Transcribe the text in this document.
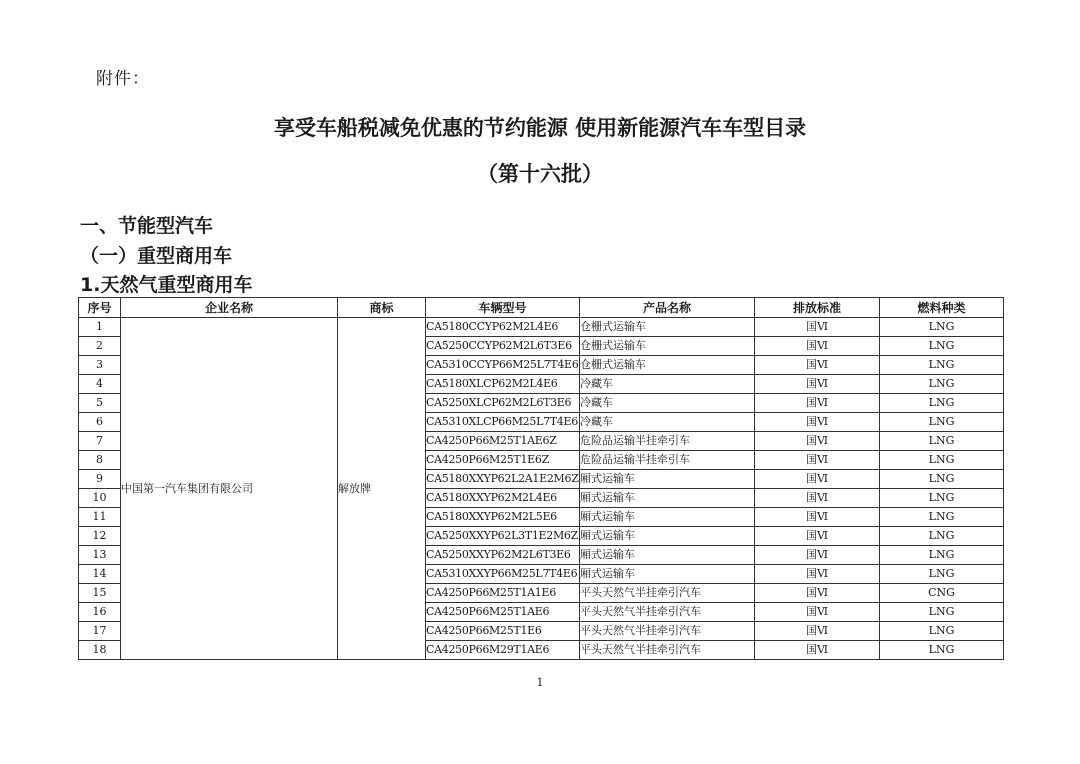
附件：
享受车船税减免优惠的节约能源 使用新能源汽车车型目录
（第十六批）
一、节能型汽车
（一）重型商用车
1.天然气重型商用车
序号	企业名称	商标	车辆型号	产品名称	排放标准	燃料种类
1	中国第一汽车集团有限公司	解放牌	CA5180CCYP62M2L4E6	仓栅式运输车	国Ⅵ	LNG
2			CA5250CCYP62M2L6T3E6	仓栅式运输车	国Ⅵ	LNG
3			CA5310CCYP66M25L7T4E6	仓栅式运输车	国Ⅵ	LNG
4			CA5180XLCP62M2L4E6	冷藏车	国Ⅵ	LNG
5			CA5250XLCP62M2L6T3E6	冷藏车	国Ⅵ	LNG
6			CA5310XLCP66M25L7T4E6	冷藏车	国Ⅵ	LNG
7			CA4250P66M25T1AE6Z	危险品运输半挂牵引车	国Ⅵ	LNG
8			CA4250P66M25T1E6Z	危险品运输半挂牵引车	国Ⅵ	LNG
9			CA5180XXYP62L2A1E2M6Z	厢式运输车	国Ⅵ	LNG
10			CA5180XXYP62M2L4E6	厢式运输车	国Ⅵ	LNG
11			CA5180XXYP62M2L5E6	厢式运输车	国Ⅵ	LNG
12			CA5250XXYP62L3T1E2M6Z	厢式运输车	国Ⅵ	LNG
13			CA5250XXYP62M2L6T3E6	厢式运输车	国Ⅵ	LNG
14			CA5310XXYP66M25L7T4E6	厢式运输车	国Ⅵ	LNG
15			CA4250P66M25T1A1E6	平头天然气半挂牵引汽车	国Ⅵ	CNG
16			CA4250P66M25T1AE6	平头天然气半挂牵引汽车	国Ⅵ	LNG
17			CA4250P66M25T1E6	平头天然气半挂牵引汽车	国Ⅵ	LNG
18			CA4250P66M29T1AE6	平头天然气半挂牵引汽车	国Ⅵ	LNG
1
